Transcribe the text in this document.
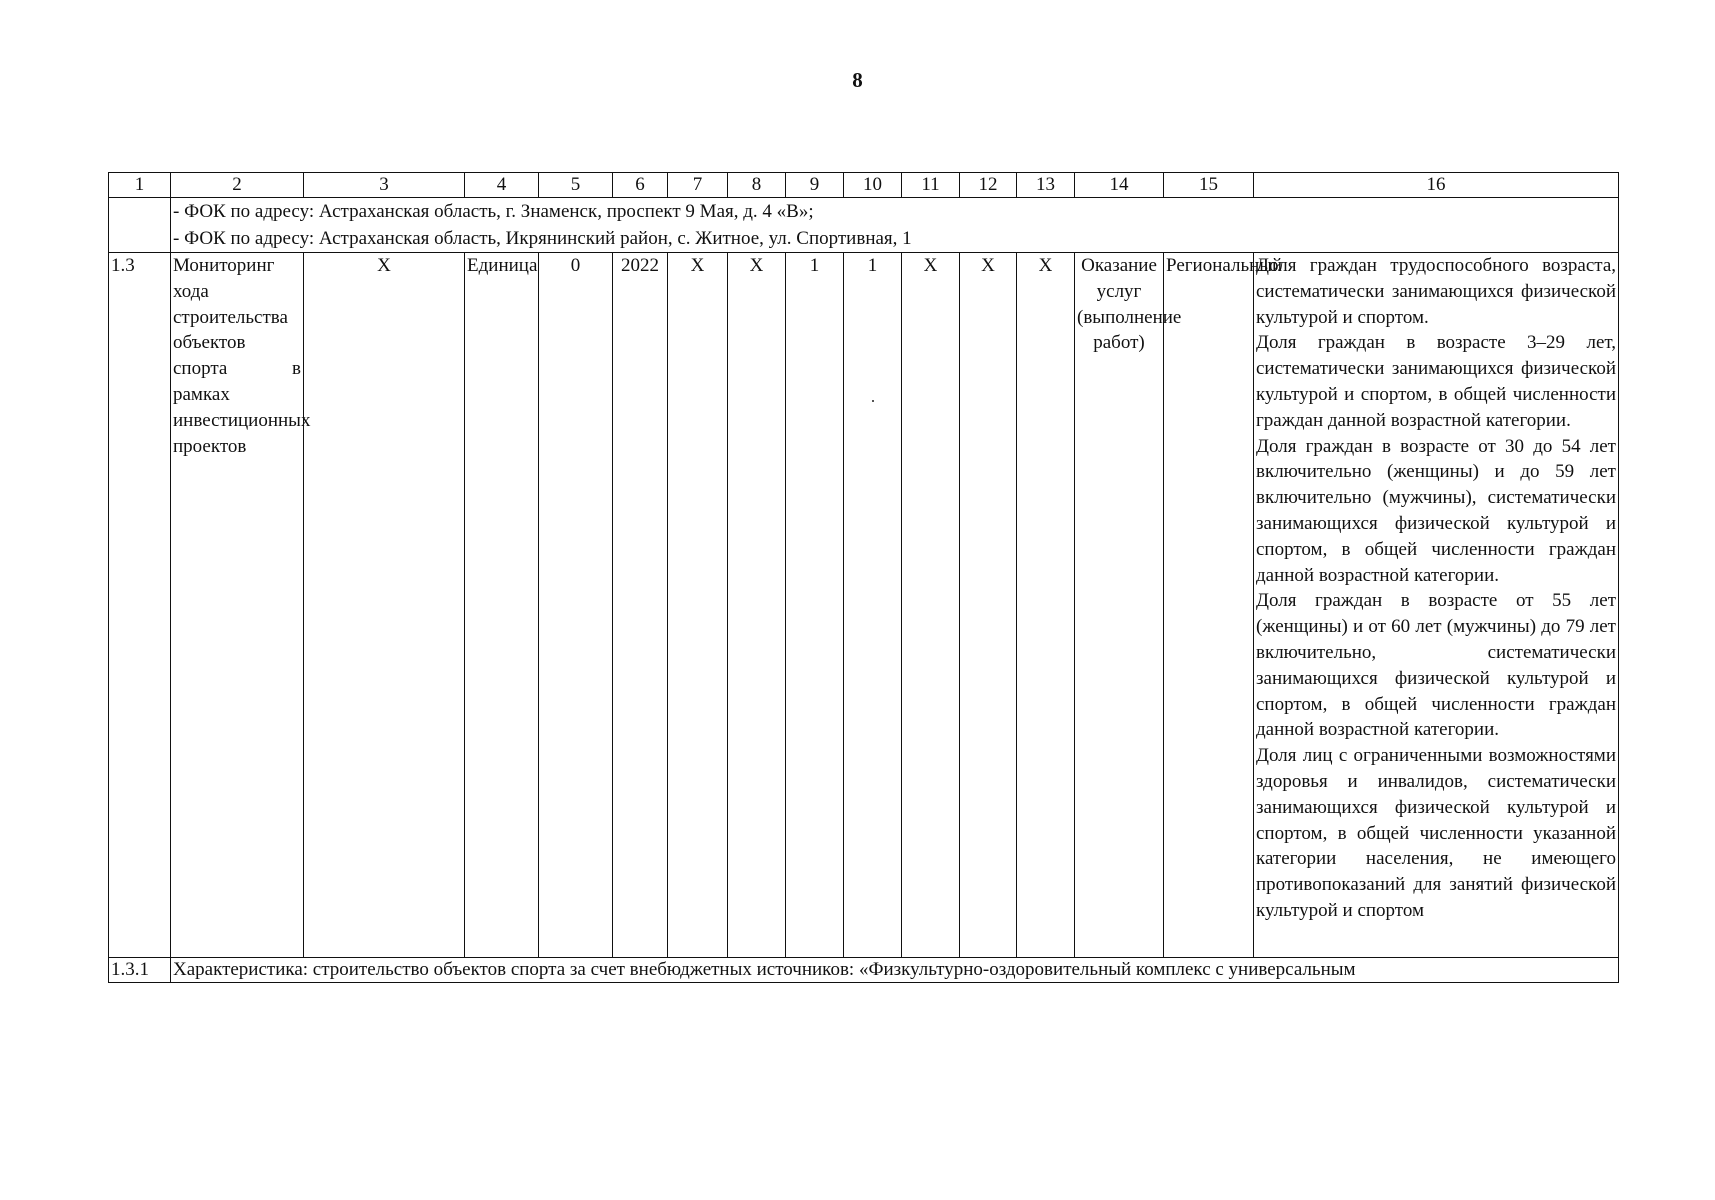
8
1	2	3	4	5	6	7	8	9	10	11	12	13	14	15	16

	- ФОК по адресу: Астраханская область, г. Знаменск, проспект 9 Мая, д. 4 «В»;
- ФОК по адресу: Астраханская область, Икрянинский район, с. Житное, ул. Спортивная, 1														

1.3	Мониторинг хода строительства объектов спорта в рамках инвестиционных проектов	Х	Единица	0	2022	Х	Х	1	1	Х	Х	Х	Оказание услуг (выполнение работ)	Региональный	Доля граждан трудоспособного возраста, систематически занимающихся физической культурой и спортом.
Доля граждан в возрасте 3–29 лет, систематически занимающихся физической культурой и спортом, в общей численности граждан данной возрастной категории.
Доля граждан в возрасте от 30 до 54 лет включительно (женщины) и до 59 лет включительно (мужчины), систематически занимающихся физической культурой и спортом, в общей численности граждан данной возрастной категории.
Доля граждан в возрасте от 55 лет (женщины) и от 60 лет (мужчины) до 79 лет включительно, систематически занимающихся физической культурой и спортом, в общей численности граждан данной возрастной категории.
Доля лиц с ограниченными возможностями здоровья и инвалидов, систематически занимающихся физической культурой и спортом, в общей численности указанной категории населения, не имеющего противопоказаний для занятий физической культурой и спортом

1.3.1	Характеристика: строительство объектов спорта за счет внебюджетных источников: «Физкультурно-оздоровительный комплекс с универсальным														
